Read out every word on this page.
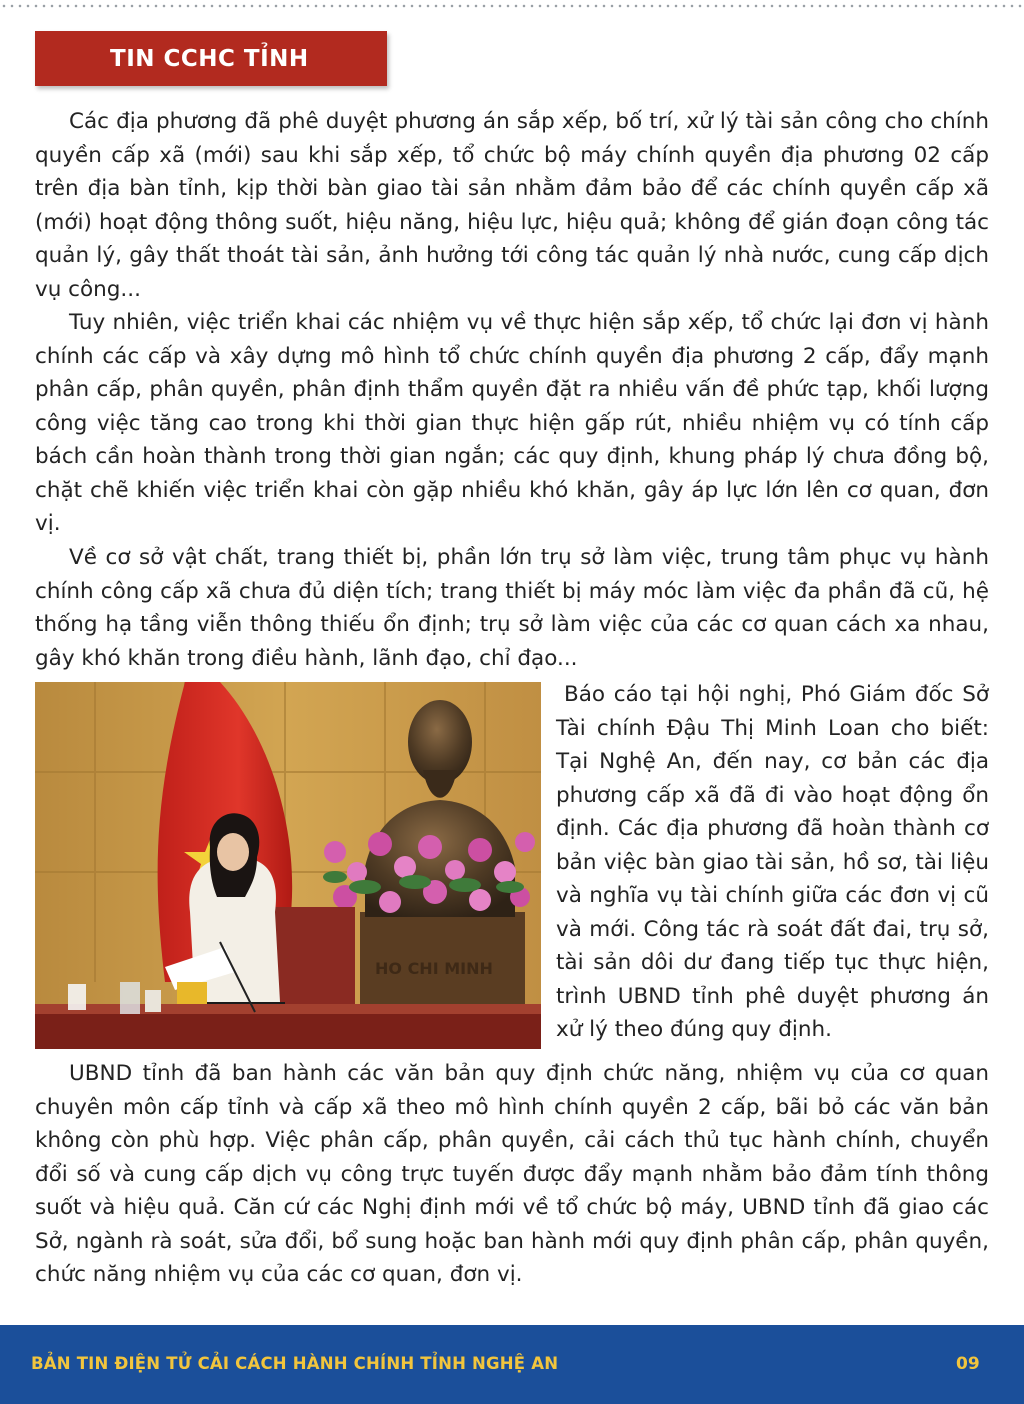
TIN CCHC TỈNH

Các địa phương đã phê duyệt phương án sắp xếp, bố trí, xử lý tài sản công cho chính quyền cấp xã (mới) sau khi sắp xếp, tổ chức bộ máy chính quyền địa phương 02 cấp trên địa bàn tỉnh, kịp thời bàn giao tài sản nhằm đảm bảo để các chính quyền cấp xã (mới) hoạt động thông suốt, hiệu năng, hiệu lực, hiệu quả; không để gián đoạn công tác quản lý, gây thất thoát tài sản, ảnh hưởng tới công tác quản lý nhà nước, cung cấp dịch vụ công...

Tuy nhiên, việc triển khai các nhiệm vụ về thực hiện sắp xếp, tổ chức lại đơn vị hành chính các cấp và xây dựng mô hình tổ chức chính quyền địa phương 2 cấp, đẩy mạnh phân cấp, phân quyền, phân định thẩm quyền đặt ra nhiều vấn đề phức tạp, khối lượng công việc tăng cao trong khi thời gian thực hiện gấp rút, nhiều nhiệm vụ có tính cấp bách cần hoàn thành trong thời gian ngắn; các quy định, khung pháp lý chưa đồng bộ, chặt chẽ khiến việc triển khai còn gặp nhiều khó khăn, gây áp lực lớn lên cơ quan, đơn vị.

Về cơ sở vật chất, trang thiết bị, phần lớn trụ sở làm việc, trung tâm phục vụ hành chính công cấp xã chưa đủ diện tích; trang thiết bị máy móc làm việc đa phần đã cũ, hệ thống hạ tầng viễn thông thiếu ổn định; trụ sở làm việc của các cơ quan cách xa nhau, gây khó khăn trong điều hành, lãnh đạo, chỉ đạo...

HO CHI MINH

Báo cáo tại hội nghị, Phó Giám đốc Sở Tài chính Đậu Thị Minh Loan cho biết: Tại Nghệ An, đến nay, cơ bản các địa phương cấp xã đã đi vào hoạt động ổn định. Các địa phương đã hoàn thành cơ bản việc bàn giao tài sản, hồ sơ, tài liệu và nghĩa vụ tài chính giữa các đơn vị cũ và mới. Công tác rà soát đất đai, trụ sở, tài sản dôi dư đang tiếp tục thực hiện, trình UBND tỉnh phê duyệt phương án xử lý theo đúng quy định.

UBND tỉnh đã ban hành các văn bản quy định chức năng, nhiệm vụ của cơ quan chuyên môn cấp tỉnh và cấp xã theo mô hình chính quyền 2 cấp, bãi bỏ các văn bản không còn phù hợp. Việc phân cấp, phân quyền, cải cách thủ tục hành chính, chuyển đổi số và cung cấp dịch vụ công trực tuyến được đẩy mạnh nhằm bảo đảm tính thông suốt và hiệu quả. Căn cứ các Nghị định mới về tổ chức bộ máy, UBND tỉnh đã giao các Sở, ngành rà soát, sửa đổi, bổ sung hoặc ban hành mới quy định phân cấp, phân quyền, chức năng nhiệm vụ của các cơ quan, đơn vị.

BẢN TIN ĐIỆN TỬ CẢI CÁCH HÀNH CHÍNH TỈNH NGHỆ AN	09
